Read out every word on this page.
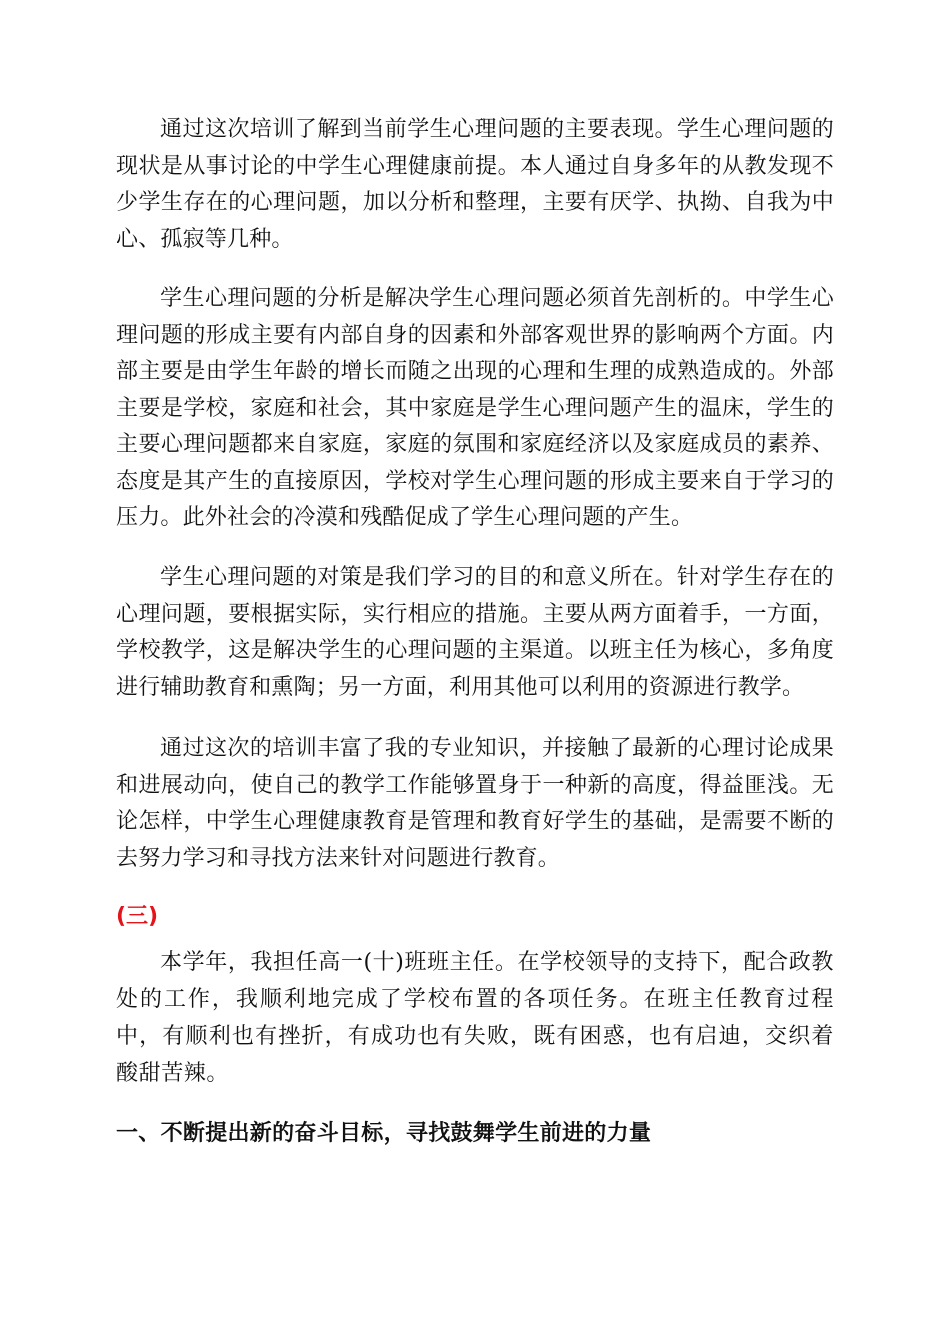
通过这次培训了解到当前学生心理问题的主要表现。学生心理问题的现状是从事讨论的中学生心理健康前提。本人通过自身多年的从教发现不少学生存在的心理问题，加以分析和整理，主要有厌学、执拗、自我为中心、孤寂等几种。

学生心理问题的分析是解决学生心理问题必须首先剖析的。中学生心理问题的形成主要有内部自身的因素和外部客观世界的影响两个方面。内部主要是由学生年龄的增长而随之出现的心理和生理的成熟造成的。外部主要是学校，家庭和社会，其中家庭是学生心理问题产生的温床，学生的主要心理问题都来自家庭，家庭的氛围和家庭经济以及家庭成员的素养、态度是其产生的直接原因，学校对学生心理问题的形成主要来自于学习的压力。此外社会的冷漠和残酷促成了学生心理问题的产生。

学生心理问题的对策是我们学习的目的和意义所在。针对学生存在的心理问题，要根据实际，实行相应的措施。主要从两方面着手，一方面，学校教学，这是解决学生的心理问题的主渠道。以班主任为核心，多角度进行辅助教育和熏陶；另一方面，利用其他可以利用的资源进行教学。

通过这次的培训丰富了我的专业知识，并接触了最新的心理讨论成果和进展动向，使自己的教学工作能够置身于一种新的高度，得益匪浅。无论怎样，中学生心理健康教育是管理和教育好学生的基础，是需要不断的去努力学习和寻找方法来针对问题进行教育。

(三)

本学年，我担任高一(十)班班主任。在学校领导的支持下，配合政教处的工作，我顺利地完成了学校布置的各项任务。在班主任教育过程中，有顺利也有挫折，有成功也有失败，既有困惑，也有启迪，交织着酸甜苦辣。

一、不断提出新的奋斗目标，寻找鼓舞学生前进的力量
